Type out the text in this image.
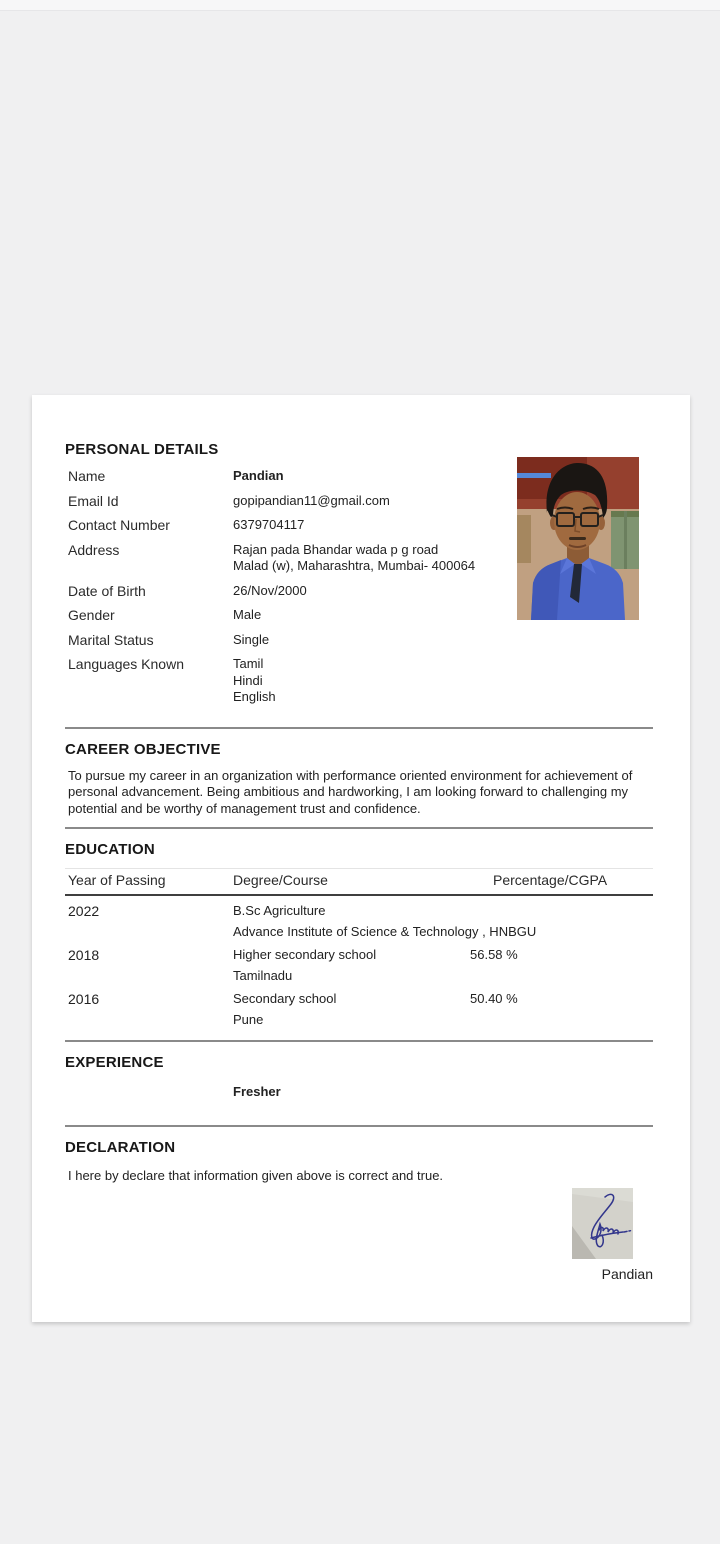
PERSONAL DETAILS
Name	Pandian
Email Id	gopipandian11@gmail.com
Contact Number	6379704117
Address	Rajan pada Bhandar wada p g road
Malad (w), Maharashtra, Mumbai- 400064
Date of Birth	26/Nov/2000
Gender	Male
Marital Status	Single
Languages Known	Tamil
Hindi
English
CAREER OBJECTIVE

To pursue my career in an organization with performance oriented environment for achievement of personal advancement. Being ambitious and hardworking, I am looking forward to challenging my potential and be worthy of management trust and confidence.

EDUCATION
Year of Passing	Degree/Course	Percentage/CGPA
2022	B.Sc Agriculture
Advance Institute of Science & Technology , HNBGU
2018	Higher secondary school	56.58 %
Tamilnadu
2016	Secondary school	50.40 %
Pune
EXPERIENCE
Fresher
DECLARATION

I here by declare that information given above is correct and true.

Pandian
